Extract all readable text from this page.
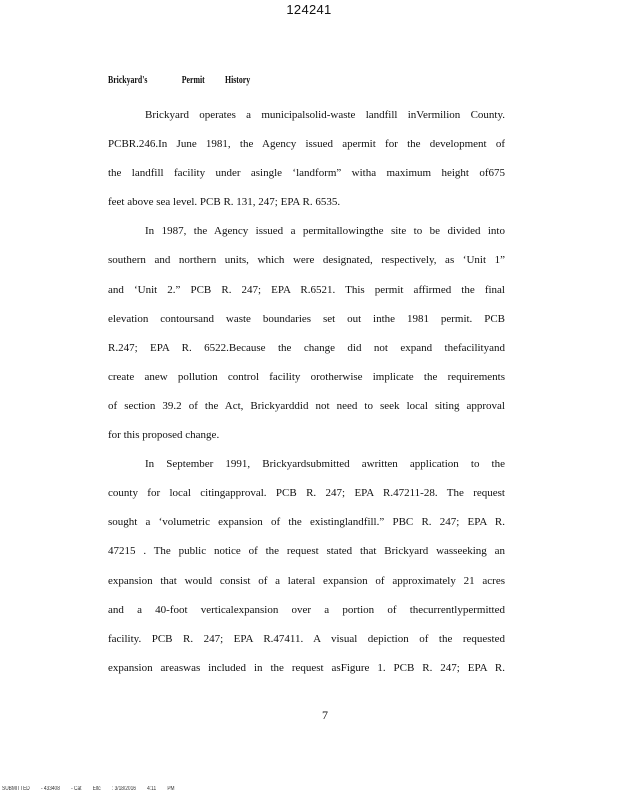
124241
Brickyard's	Permit History
Brickyard operates a municipalsolid-waste landfill inVermilion County.
PCBR.246.In June 1981, the Agency issued apermit for the development of
the landfill facility under asingle ‘landform” witha maximum height of675
feet above sea level. PCB R. 131, 247; EPA R. 6535.
In 1987, the Agency issued a permitallowingthe site to be divided into
southern and northern units, which were designated, respectively, as ‘Unit 1”
and ‘Unit 2.” PCB R. 247; EPA R.6521. This permit affirmed the final
elevation contoursand waste boundaries set out inthe 1981 permit. PCB
R.247; EPA R. 6522.Because the change did not expand thefacilityand
create anew pollution control facility orotherwise implicate the requirements
of section 39.2 of the Act, Brickyarddid not need to seek local siting approval
for this proposed change.
In September 1991, Brickyardsubmitted awritten application to the
county for local citingapproval. PCB R. 247; EPA R.47211-28. The request
sought a ‘volumetric expansion of the existinglandfill.” PBC R. 247; EPA R.
47215 . The public notice of the request stated that Brickyard wasseeking an
expansion that would consist of a lateral expansion of approximately 21 acres
and a 40-foot verticalexpansion over a portion of thecurrentlypermitted
facility. PCB R. 247; EPA R.47411. A visual depiction of the requested
expansion areaswas included in the request asFigure 1. PCB R. 247; EPA R.
7
SUBMITTED - 433408 - Cat Eltc : 3/18/2016 4:11 PM
